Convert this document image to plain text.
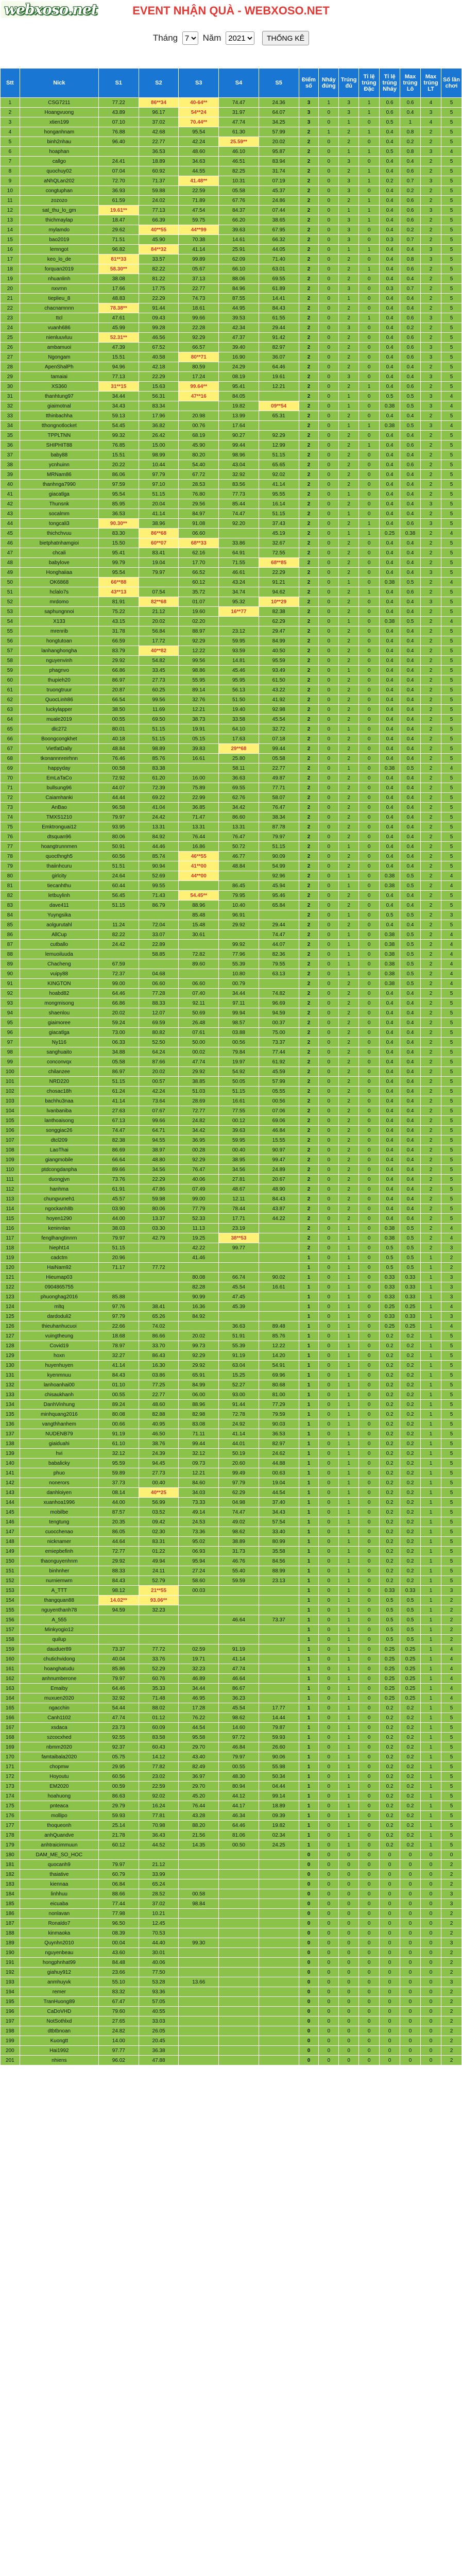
webxoso.net	EVENT NHẬN QUÀ - WEBXOSO.NET
Tháng
7	Năm
2021	THỐNG KÊ
Stt	Nick	S1	S2	S3	S4	S5	Điểm số	Nháy đúng	Trúng đủ	Tỉ lệ trúng Đặc	Tỉ lệ trúng Nháy	Max trúng Lô	Max trúng LT	Số lần chơi
1	CSG7211	77.22	86**34	40-64**	74.47	24.36	3	1	3	1	0.6	0.6	4	5
2	Hoangvuong	43.89	96.17	54**24	31.97	64.07	3	0	3	1	0.6	0.4	3	5
3	xtien199	07.10	37.02	70.44**	47.74	34.25	3	0	1	0	0.5	1	4	5
4	honganhnam	76.88	42.68	95.54	61.30	57.99	2	1	2	1	0.4	0.8	2	5
5	binh2nhau	96.40	22.77	42.24	25.59**	20.02	2	0	2	0	0.4	0.2	2	5
6	hoaphan		36.53	48.60	46.10	95.87	2	0	1	1	0.5	0.8	3	4
7	callgo	24.41	18.89	34.63	46.51	83.94	2	0	3	0	0.4	0.4	2	5
8	quochuy02	07.04	60.92	44.55	82.25	31.74	2	0	2	1	0.4	0.6	2	5
9	aNhQLan202	72.70	71.37	41.48**	10.31	07.19	2	0	3	1	0.2	0.7	3	5
10	congtuphan	36.93	59.88	22.59	05.58	45.37	2	0	3	0	0.4	0.2	2	5
11	zozozo	61.59	24.02	71.89	67.76	24.86	2	0	2	1	0.4	0.6	2	5
12	sat_thu_lo_gm	19.61**	77.13	47.54	84.37	07.44	2	0	1	1	0.4	0.6	3	5
13	thichmaylap	18.47	66.39	59.75	66.20	38.65	2	0	3	1	0.4	0.6	2	5
14	mylamdo	29.62	40**55	44**99	39.63	67.95	2	0	3	0	0.4	0.2	2	5
15	bao2019	71.51	45.90	70.38	14.61	66.32	2	0	3	0	0.3	0.7	2	5
16	lemngot	96.82	84**32	41.14	25.91	44.05	2	0	1	1	0.4	0.4	3	5
17	keo_lo_de	81**33	33.57	99.89	62.09	71.40	2	0	2	0	0.4	0.8	3	5
18	forquan2019	58.30**	82.22	05.67	66.10	63.01	2	0	2	1	0.4	0.6	2	5
19	nhuanlinh	38.08	81.22	37.13	88.06	69.55	2	0	2	0	0.4	0.4	2	5
20	nxvrnn	17.66	17.75	22.77	84.96	61.89	2	0	3	0	0.3	0.7	2	5
21	tieplieu_8	48.83	22.29	74.73	87.55	14.41	2	0	1	0	0.4	0.4	2	5
22	chacnamnnn	78.38**	91.44	18.61	44.95	84.43	2	0	2	0	0.4	0.4	2	5
23	ttcl	47.61	09.43	99.66	39.53	61.55	2	0	2	1	0.4	0.6	3	5
24	vuanh686	45.99	99.28	22.28	42.34	29.44	2	0	3	0	0.4	0.2	2	5
25	nienluuvluu	52.31**	46.56	92.29	47.37	91.42	2	0	2	0	0.4	0.6	2	5
26	ambamuoi	47.39	67.52	66.57	39.40	82.97	2	0	2	0	0.4	0.6	3	5
27	Ngongam	15.51	40.58	80**71	16.90	36.07	2	0	2	0	0.4	0.6	3	5
28	ApenShalPh	94.96	42.18	80.59	24.29	64.46	2	0	2	0	0.4	0.4	2	5
29	tamaiai	77.13	22.29	17.24	08.19	19.61	2	0	3	0	0.4	0.4	3	5
30	XS360	31**15	15.63	99.64**	95.41	12.21	2	0	2	1	0.4	0.6	2	5
31	thanhtung97	34.44	56.31	47**16	84.05		2	0	1	0	0.5	0.5	3	4
32	giaimotnal	34.43	83.34		19.82	09**54	2	0	1	0	0.38	0.5	3	4
33	tthinbachha	59.13	17.96	20.98	13.99	65.31	2	0	2	0	0.4	0.4	2	5
34	tthongnotlocket	54.45	36.82	00.76	17.64		2	0	1	1	0.38	0.5	3	4
35	TPPLTNN	99.32	26.42	68.19	90.27	92.29	2	0	2	0	0.4	0.4	2	5
36	SHIPHIT88	76.85	15.00	45.90	99.44	12.99	2	0	2	1	0.4	0.6	2	5
37	baby88	15.51	98.99	80.20	98.96	51.15	2	0	2	0	0.4	0.4	2	5
38	ycnhuinn	20.22	10.44	54.40	43.04	65.65	2	0	2	0	0.4	0.6	2	5
39	MRNam86	86.06	97.79	67.72	32.92	92.02	2	0	2	0	0.4	0.4	2	5
40	thanhnga7990	97.59	97.10	28.53	83.56	41.14	2	0	2	0	0.4	0.4	2	5
41	giacatlga	95.54	51.15	76.80	77.73	95.55	2	0	1	0	0.4	0.4	2	5
42	Thunsnk	85.95	20.04	29.56	85.44	16.14	2	0	2	0	0.4	0.4	3	5
43	socalmm	36.53	41.14	84.97	74.47	51.15	2	0	1	0	0.4	0.4	2	5
44	tongcali3	90.30**	38.96	91.08	92.20	37.43	2	0	2	1	0.4	0.6	3	5
45	thichchvuu	83.30	86**68	06.60		45.19	2	0	1	1	0.25	0.38	2	4
46	bietphatnhamgioi	15.50	60**07	68**33	33.86	32.67	2	0	2	0	0.4	0.4	2	5
47	chcali	95.41	83.41	62.16	64.91	72.55	2	0	2	0	0.4	0.4	2	5
48	babylove	99.79	19.04	17.70	71.55	68**85	2	0	2	0	0.4	0.4	2	5
49	Honghaiiaa	95.54	79.97	66.52	46.61	22.29	2	0	2	0	0.4	0.4	3	5
50	OK6868	66**88		60.12	43.24	91.21	2	0	1	0	0.38	0.5	2	4
51	hclalo7s	43**13	07.54	35.72	34.74	94.62	2	0	2	1	0.4	0.6	2	5
52	mrdomo	81.91	82**68	01.07	95.32	10**29	2	0	2	0	0.4	0.4	3	5
53	saphungnnoi	75.22	21.12	19.60	16**77	82.38	2	0	2	0	0.4	0.4	2	5
54	X133	43.15	20.02	02.20		62.29	2	0	1	0	0.38	0.5	2	4
55	mrenrib	31.78	56.84	88.97	23.12	29.47	2	0	2	0	0.4	0.4	2	5
56	hongtutoan	66.59	17.72	92.29	59.95	84.99	2	0	2	0	0.4	0.4	2	5
57	lanhanghongha	83.79	40**82	12.22	93.59	40.50	2	0	2	0	0.4	0.4	2	5
58	nguyenvinh	29.92	54.82	99.56	14.81	95.59	2	0	2	0	0.4	0.4	2	5
59	phagnvo	66.86	33.45	98.86	45.46	93.49	2	0	1	0	0.4	0.4	2	5
60	thupieh20	86.97	27.73	55.95	95.95	61.50	2	0	2	0	0.4	0.4	2	5
61	truongtruur	20.87	60.25	89.14	56.13	43.22	2	0	2	0	0.4	0.4	2	5
62	QuocLinh86	66.54	99.56	32.76	51.50	41.92	2	0	2	0	0.4	0.4	2	5
63	luckylapper	38.50	11.69	12.21	19.40	92.98	2	0	2	0	0.4	0.4	2	5
64	muale2019	00.55	69.50	38.73	33.58	45.54	2	0	2	0	0.4	0.4	2	5
65	dlc272	80.01	51.15	19.91	64.10	32.72	2	0	1	0	0.4	0.4	2	5
66	Boongcongkhet	40.18	51.15	05.15	17.63	07.18	2	0	2	0	0.4	0.4	2	5
67	VietfatDally	48.84	98.89	39.83	29**68	99.44	2	0	2	0	0.4	0.4	2	5
68	tkonannnreirhnn	76.46	85.76	16.61	25.80	05.58	2	0	2	0	0.4	0.4	2	5
69	happyday	00.58	83.38		58.11	22.77	2	0	1	0	0.38	0.5	2	4
70	EmLaTaCo	72.92	61.20	16.00	36.63	49.87	2	0	2	0	0.4	0.4	2	5
71	bullsung96	44.07	72.39	75.89	69.55	77.71	2	0	2	0	0.4	0.4	2	5
72	Caiamhanki	44.44	69.22	22.99	62.76	58.07	2	0	2	0	0.4	0.4	2	5
73	AnBao	96.58	41.04	36.85	34.42	76.47	2	0	2	0	0.4	0.4	2	5
74	TMXS1210	79.97	24.42	71.47	86.60	38.34	2	0	2	0	0.4	0.4	2	5
75	Emktronguai12	93.95	13.31	13.31	13.31	87.78	2	0	2	0	0.4	0.4	2	5
76	dtsquan96	80.06	84.92	76.44	76.47	79.97	2	0	2	0	0.4	0.4	2	5
77	hoangtrunnmen	50.91	44.46	16.86	50.72	51.15	2	0	1	0	0.4	0.4	2	5
78	quocthngh5	60.56	85.74	46**55	46.77	90.09	2	0	2	0	0.4	0.4	2	5
79	thaiinhcuru	51.51	90.94	41**00	48.84	54.99	2	0	2	0	0.4	0.4	2	5
80	girlcity	24.64	52.69	44**00		92.96	2	0	1	0	0.38	0.5	2	4
81	tiecanhthu	60.44	99.55		86.45	45.94	2	0	1	0	0.38	0.5	2	4
82	letbuylinh	56.45	71.43	54.45**	79.95	95.46	2	0	2	0	0.4	0.4	2	5
83	dave411	51.15	86.79	88.96	10.40	65.84	2	0	2	0	0.4	0.4	2	5
84	Yuyngsika			85.48	96.91		2	0	1	0	0.5	0.5	2	3
85	aolgurutahl	11.24	72.04	15.48	29.92	29.44	2	0	2	0	0.4	0.4	2	5
86	AllCup	82.22	33.07	30.61		74.47	2	0	1	0	0.38	0.5	2	4
87	cutballo	24.42	22.89		99.92	44.07	2	0	1	0	0.38	0.5	2	4
88	lemuoiluuda		58.85	72.82	77.96	82.36	2	0	1	0	0.38	0.5	2	4
89	Chacheng	67.59		89.60	55.39	79.55	2	0	1	0	0.38	0.5	2	4
90	vuipy88	72.37	04.68		10.80	63.13	2	0	1	0	0.38	0.5	2	4
91	KINGTON	99.00	06.60	06.60	00.79		2	0	2	0	0.38	0.5	2	4
92	hoabd82	64.46	77.28	07.40	34.44	74.82	2	0	2	0	0.4	0.4	2	5
93	mongmisong	66.86	88.33	92.11	97.11	96.69	2	0	2	0	0.4	0.4	2	5
94	shaenlou	20.02	12.07	50.69	99.94	94.59	2	0	2	0	0.4	0.4	2	5
95	giaimoree	59.24	69.59	26.48	98.57	00.37	2	0	2	0	0.4	0.4	2	5
96	giacatlga	73.00	80.82	07.61	03.88	75.00	2	0	2	0	0.4	0.4	2	5
97	Ny116	06.33	52.50	50.00	00.56	73.37	2	0	2	0	0.4	0.4	2	5
98	sanghuaito	34.88	64.24	00.02	79.84	77.44	2	0	2	0	0.4	0.4	2	5
99	conconvqx	05.58	87.66	47.74	19.97	61.92	2	0	2	0	0.4	0.4	2	5
100	chilanzee	86.97	20.02	29.92	54.92	45.59	2	0	2	0	0.4	0.4	2	5
101	NRD220	51.15	00.57	38.85	50.05	57.99	2	0	2	0	0.4	0.4	2	5
102	chosac18h	61.24	42.24	51.03	51.15	05.55	2	0	2	0	0.4	0.4	2	5
103	bachhu3naa	41.14	73.64	28.69	16.61	00.56	2	0	2	0	0.4	0.4	2	5
104	lvanbaniba	27.63	07.67	72.77	77.55	07.06	2	0	2	0	0.4	0.4	2	5
105	lanthoaisong	67.13	99.66	24.82	00.12	69.06	2	0	2	0	0.4	0.4	2	5
106	songgiac26	74.47	64.71	34.42	39.63	46.84	2	0	2	0	0.4	0.4	2	5
107	dtcl209	82.38	94.55	36.95	59.95	15.55	2	0	2	0	0.4	0.4	2	5
108	LaoThai	86.69	38.97	00.28	00.40	90.97	2	0	2	0	0.4	0.4	2	5
109	giangmobile	66.64	48.80	92.29	38.95	99.47	2	0	2	0	0.4	0.4	2	5
110	ptdcongdanpha	89.66	34.56	76.47	34.56	24.89	2	0	2	0	0.4	0.4	2	5
111	duongjvn	73.76	22.29	40.06	27.81	20.67	2	0	2	0	0.4	0.4	2	5
112	hanhma	61.91	47.86	07.49	48.67	48.90	2	0	2	0	0.4	0.4	2	5
113	chungvuneh1	45.57	59.98	99.00	12.11	84.43	2	0	2	0	0.4	0.4	2	5
114	ngockanh8b	03.90	80.06	77.79	78.44	43.87	2	0	2	0	0.4	0.4	2	5
115	hoyen1290	44.00	13.37	52.33	17.71	44.22	2	0	2	0	0.4	0.4	2	5
116	keninnlan	38.03	03.30	11.13	23.19		2	0	1	0	0.38	0.5	2	4
117	fenglhangtinnrn	79.97	42.79	19.25	38**53		2	0	1	0	0.38	0.5	2	4
118	hiepht14	51.15		42.22	99.77		2	0	1	0	0.5	0.5	2	3
119	cadctm	20.96		41.46			1	0	1	0	0.5	0.5	1	2
120	HaiNam92	71.17	77.72				1	0	1	0	0.5	0.5	1	2
121	Hieumap03			80.08	66.74	90.02	1	0	1	0	0.33	0.33	1	3
122	0904865755			82.28	45.54	16.61	1	0	1	0	0.33	0.33	1	3
123	phuonghag2016	85.88		90.99	47.45		1	0	1	0	0.33	0.33	1	3
124	mltq	97.76	38.41	16.36	45.39		1	0	1	0	0.25	0.25	1	4
125	dardoduli2	97.79	65.26	84.92			1	0	1	0	0.33	0.33	1	3
126	thieuhanhucuoi	22.66	74.02		36.63	89.48	1	0	1	0	0.25	0.25	1	4
127	vuingtheung	18.68	86.66	20.02	51.91	85.76	1	0	1	0	0.2	0.2	1	5
128	Covid19	78.97	33.70	99.73	55.39	12.22	1	0	1	0	0.2	0.2	1	5
129	hoxn	32.27	86.43	92.29	91.19	14.20	1	0	1	0	0.2	0.2	1	5
130	huyenhuyen	41.14	16.30	29.92	63.04	54.91	1	0	1	0	0.2	0.2	1	5
131	kyenmnuu	84.43	03.86	65.91	15.25	69.96	1	0	1	0	0.2	0.2	1	5
132	lanhoanhai00	01.10	77.25	84.99	52.27	80.68	1	0	1	0	0.2	0.2	1	5
133	chisaukhanh	00.55	22.77	06.00	93.00	81.00	1	0	1	0	0.2	0.2	1	5
134	DanhVinhung	89.24	48.60	88.96	91.44	77.29	1	0	1	0	0.2	0.2	1	5
135	minhquang2016	80.08	82.88	82.98	72.78	79.59	1	0	1	0	0.2	0.2	1	5
136	vangthhanhem	00.66	40.95	83.08	24.92	90.03	1	0	1	0	0.2	0.2	1	5
137	NUDENB79	91.19	46.50	71.11	41.14	36.53	1	0	1	0	0.2	0.2	1	5
138	giaiduahi	61.10	38.76	99.44	44.01	82.97	1	0	1	0	0.2	0.2	1	5
139	hvi	32.12	24.39	32.12	50.19	24.62	1	0	1	0	0.2	0.2	1	5
140	babalicky	95.59	94.45	09.73	20.60	44.88	1	0	1	0	0.2	0.2	1	5
141	phuo	59.89	27.73	12.21	99.49	00.63	1	0	1	0	0.2	0.2	1	5
142	nonerors	37.73	00.40	84.60	97.79	19.04	1	0	1	0	0.2	0.2	1	5
143	danhloiyen	08.14	40**25	34.03	62.29	44.54	1	0	1	0	0.2	0.2	1	5
144	xuanhoa1996	44.00	56.99	73.33	04.98	37.40	1	0	1	0	0.2	0.2	1	5
145	mobilbe	87.57	03.52	49.14	74.47	34.43	1	0	1	0	0.2	0.2	1	5
146	tengtung	20.35	09.42	24.53	49.02	57.54	1	0	1	0	0.2	0.2	1	5
147	cuocchenao	86.05	02.30	73.36	98.62	33.40	1	0	1	0	0.2	0.2	1	5
148	nicknamer	44.64	83.31	95.02	38.89	80.99	1	0	1	0	0.2	0.2	1	5
149	emiepbefinh	72.77	01.22	06.93	31.73	35.58	1	0	1	0	0.2	0.2	1	5
150	thaonguyenhnm	29.92	49.94	95.94	46.76	84.56	1	0	1	0	0.2	0.2	1	5
151	binhnher	88.33	24.11	27.24	55.40	88.99	1	0	1	0	0.2	0.2	1	5
152	nurniemwm	84.43	52.79	58.60	59.59	23.13	1	0	1	0	0.2	0.2	1	5
153	A_TTT	98.12	21**55	00.03			1	0	1	0	0.33	0.33	1	3
154	thangquan88	14.02**	93.06**				1	0	1	0	0.5	0.5	1	2
155	nguyenthanh78	94.59	32.23				1	0	1	0	0.5	0.5	1	2
156	A_555				46.64	73.37	1	0	1	0	0.5	0.5	1	2
157	Minkyogio12						1	0	1	0	0.5	0.5	1	2
158	quilup						1	0	1	0	0.5	0.5	1	2
159	dauduer89	73.37	77.72	02.59	91.19		1	0	1	0	0.25	0.25	1	4
160	chutichvidong	40.04	33.76	19.71	41.14		1	0	1	0	0.25	0.25	1	4
161	hoanghatudu	85.86	52.29	32.23	47.74		1	0	1	0	0.25	0.25	1	4
162	anhnumberone	79.97	60.76	46.89	46.64		1	0	1	0	0.25	0.25	1	4
163	Emaiby	64.46	35.33	34.44	86.67		1	0	1	0	0.25	0.25	1	4
164	muxuen2020	32.92	71.48	46.95	36.23		1	0	1	0	0.25	0.25	1	4
165	ngacchin	54.44	88.02	17.28	45.54	17.77	1	0	1	0	0.2	0.2	1	5
166	Canh1102	47.74	01.12	76.22	98.62	14.44	1	0	1	0	0.2	0.2	1	5
167	xsdaca	23.73	60.09	44.54	14.60	79.87	1	0	1	0	0.2	0.2	1	5
168	szcocxhed	92.55	83.58	95.58	97.72	59.93	1	0	1	0	0.2	0.2	1	5
169	nbmm2020	92.37	60.43	29.70	46.84	26.60	1	0	1	0	0.2	0.2	1	5
170	famtaibala2020	05.75	14.12	43.40	79.97	90.06	1	0	1	0	0.2	0.2	1	5
171	chopmw	29.95	77.82	82.49	00.55	55.98	1	0	1	0	0.2	0.2	1	5
172	Hoyoutu	60.56	23.02	36.97	48.30	50.34	1	0	1	0	0.2	0.2	1	5
173	EM2020	00.59	22.59	29.70	80.94	04.44	1	0	1	0	0.2	0.2	1	5
174	hoahuong	86.63	92.02	45.20	44.12	99.14	1	0	1	0	0.2	0.2	1	5
175	pnteaca	29.79	16.24	76.44	44.17	18.89	1	0	1	0	0.2	0.2	1	5
176	mollipo	59.93	77.81	43.28	46.34	09.39	1	0	1	0	0.2	0.2	1	5
177	thoqueonh	25.14	70.98	88.20	64.46	19.82	1	0	1	0	0.2	0.2	1	5
178	anhQuandve	21.78	36.43	21.56	81.06	02.34	1	0	1	0	0.2	0.2	1	5
179	anhtraicimmuun	60.12	44.52	14.35	00.50	24.25	1	0	1	0	0.2	0.2	1	5
180	DAM_ME_SO_HOC						0	0	0	0	0	0	0	0
181	quocanh9	79.97	21.12				0	0	0	0	0	0	0	2
182	thaiative	60.79	33.99				0	0	0	0	0	0	0	2
183	kiennaa	06.84	65.24				0	0	0	0	0	0	0	2
184	linhhuu	88.66	28.52	00.58			0	0	0	0	0	0	0	3
185	eicuaba	77.44	37.02	98.84			0	0	0	0	0	0	0	3
186	nonlavan	77.98	10.21				0	0	0	0	0	0	0	2
187	Ronaldo7	96.50	12.45				0	0	0	0	0	0	0	2
188	kinmaoka	08.39	70.53				0	0	0	0	0	0	0	2
189	Quynhn2010	00.04	44.40	99.30			0	0	0	0	0	0	0	3
190	nguyenbeau	43.60	30.01				0	0	0	0	0	0	0	2
191	hongphnhat99	84.48	40.06				0	0	0	0	0	0	0	2
192	giahuy912	23.66	77.50				0	0	0	0	0	0	0	2
193	anmhuyvk	55.10	53.28	13.66			0	0	0	0	0	0	0	3
194	remer	83.32	93.36				0	0	0	0	0	0	0	2
195	TranHuong89	67.47	57.05				0	0	0	0	0	0	0	2
196	CaDoVHD	79.60	40.55				0	0	0	0	0	0	0	2
197	NotSothlxd	27.65	33.03				0	0	0	0	0	0	0	2
198	dtbtbnoan	24.82	26.05				0	0	0	0	0	0	0	2
199	Kuongtt	14.00	20.45				0	0	0	0	0	0	0	2
200	Hai1992	97.77	36.38				0	0	0	0	0	0	0	2
201	nhiens	96.02	47.88				0	0	0	0	0	0	0	2
